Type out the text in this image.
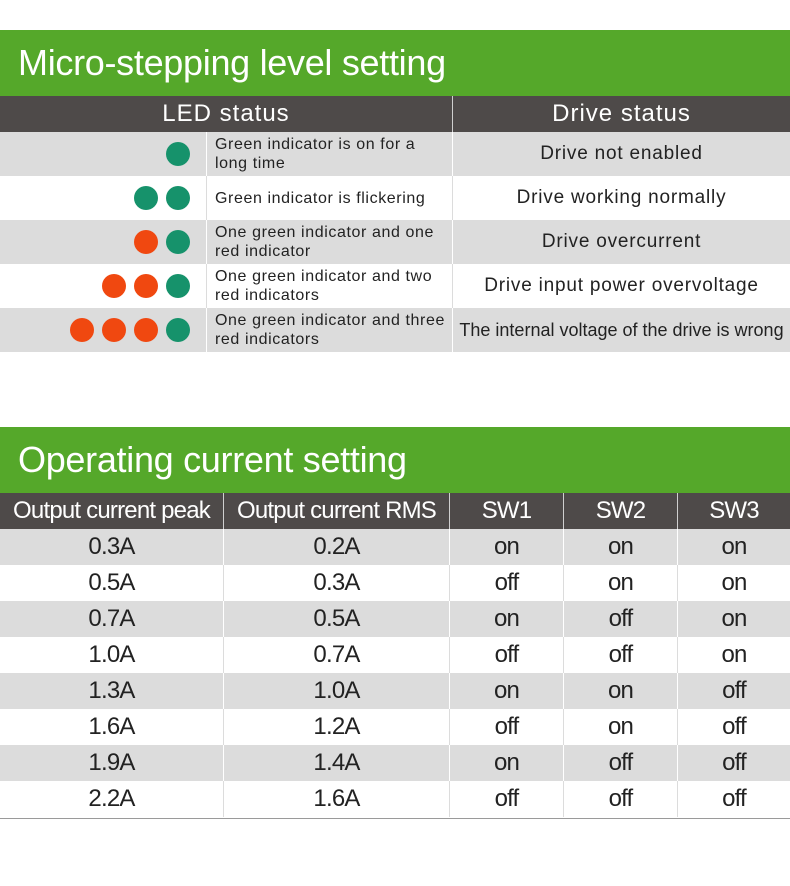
Micro-stepping level setting
LED status	Drive status
Green indicator is on for a long time	Drive not enabled
Green indicator is flickering	Drive working normally
One green indicator and one red indicator	Drive overcurrent
One green indicator and two red indicators	Drive input power overvoltage
One green indicator and three red indicators	The internal voltage of the drive is wrong
Operating current setting
Output current peak	Output current RMS	SW1	SW2	SW3
0.3A	0.2A	on	on	on
0.5A	0.3A	off	on	on
0.7A	0.5A	on	off	on
1.0A	0.7A	off	off	on
1.3A	1.0A	on	on	off
1.6A	1.2A	off	on	off
1.9A	1.4A	on	off	off
2.2A	1.6A	off	off	off
